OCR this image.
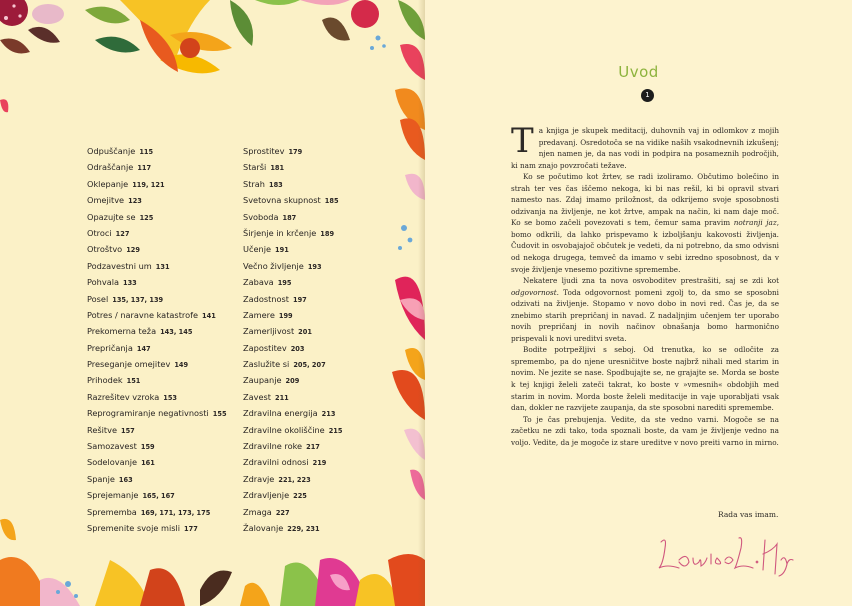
Odpuščanje 115
Odraščanje 117
Oklepanje 119, 121
Omejitve 123
Opazujte se 125
Otroci 127
Otroštvo 129
Podzavestni um 131
Pohvala 133
Posel 135, 137, 139
Potres / naravne katastrofe 141
Prekomerna teža 143, 145
Prepričanja 147
Preseganje omejitev 149
Prihodek 151
Razrešitev vzroka 153
Reprogramiranje negativnosti 155
Rešitve 157
Samozavest 159
Sodelovanje 161
Spanje 163
Sprejemanje 165, 167
Sprememba 169, 171, 173, 175
Spremenite svoje misli 177
Sprostitev 179
Starši 181
Strah 183
Svetovna skupnost 185
Svoboda 187
Širjenje in krčenje 189
Učenje 191
Večno življenje 193
Zabava 195
Zadostnost 197
Zamere 199
Zamerljivost 201
Zapostitev 203
Zaslužite si 205, 207
Zaupanje 209
Zavest 211
Zdravilna energija 213
Zdravilne okoliščine 215
Zdravilne roke 217
Zdravilni odnosi 219
Zdravje 221, 223
Zdravljenje 225
Zmaga 227
Žalovanje 229, 231
Uvod
1

Ta knjiga je skupek meditacij, duhovnih vaj in odlomkov z mojih predavanj. Osredotoča se na vidike naših vsakodnevnih izkušenj; njen namen je, da nas vodi in podpira na posameznih področjih, ki nam znajo povzročati težave.

Ko se počutimo kot žrtev, se radi izoliramo. Občutimo bolečino in strah ter ves čas iščemo nekoga, ki bi nas rešil, ki bi opravil stvari namesto nas. Zdaj imamo priložnost, da odkrijemo svoje sposobnosti odzivanja na življenje, ne kot žrtve, ampak na način, ki nam daje moč. Ko se bomo začeli povezovati s tem, čemur sama pravim notranji jaz, bomo odkrili, da lahko prispevamo k izboljšanju kakovosti življenja. Čudovit in osvobajajoč občutek je vedeti, da ni potrebno, da smo odvisni od nekoga drugega, temveč da imamo v sebi izredno sposobnost, da v svoje življenje vnesemo pozitivne spremembe.

Nekatere ljudi zna ta nova osvoboditev prestrašiti, saj se zdi kot odgovornost. Toda odgovornost pomeni zgolj to, da smo se sposobni odzivati na življenje. Stopamo v novo dobo in novi red. Čas je, da se znebimo starih prepričanj in navad. Z nadaljnjim učenjem ter uporabo novih prepričanj in novih načinov obnašanja bomo harmonično prispevali k novi ureditvi sveta.

Bodite potrpežljivi s seboj. Od trenutka, ko se odločite za spremembo, pa do njene uresničitve boste najbrž nihali med starim in novim. Ne jezite se nase. Spodbujajte se, ne grajajte se. Morda se boste k tej knjigi želeli zateči takrat, ko boste v »vmesnih« obdobjih med starim in novim. Morda boste želeli meditacije in vaje uporabljati vsak dan, dokler ne razvijete zaupanja, da ste sposobni narediti spremembe.

To je čas prebujenja. Vedite, da ste vedno varni. Mogoče se na začetku ne zdi tako, toda spoznali boste, da vam je življenje vedno na voljo. Vedite, da je mogoče iz stare ureditve v novo preiti varno in mirno.

Rada vas imam.
